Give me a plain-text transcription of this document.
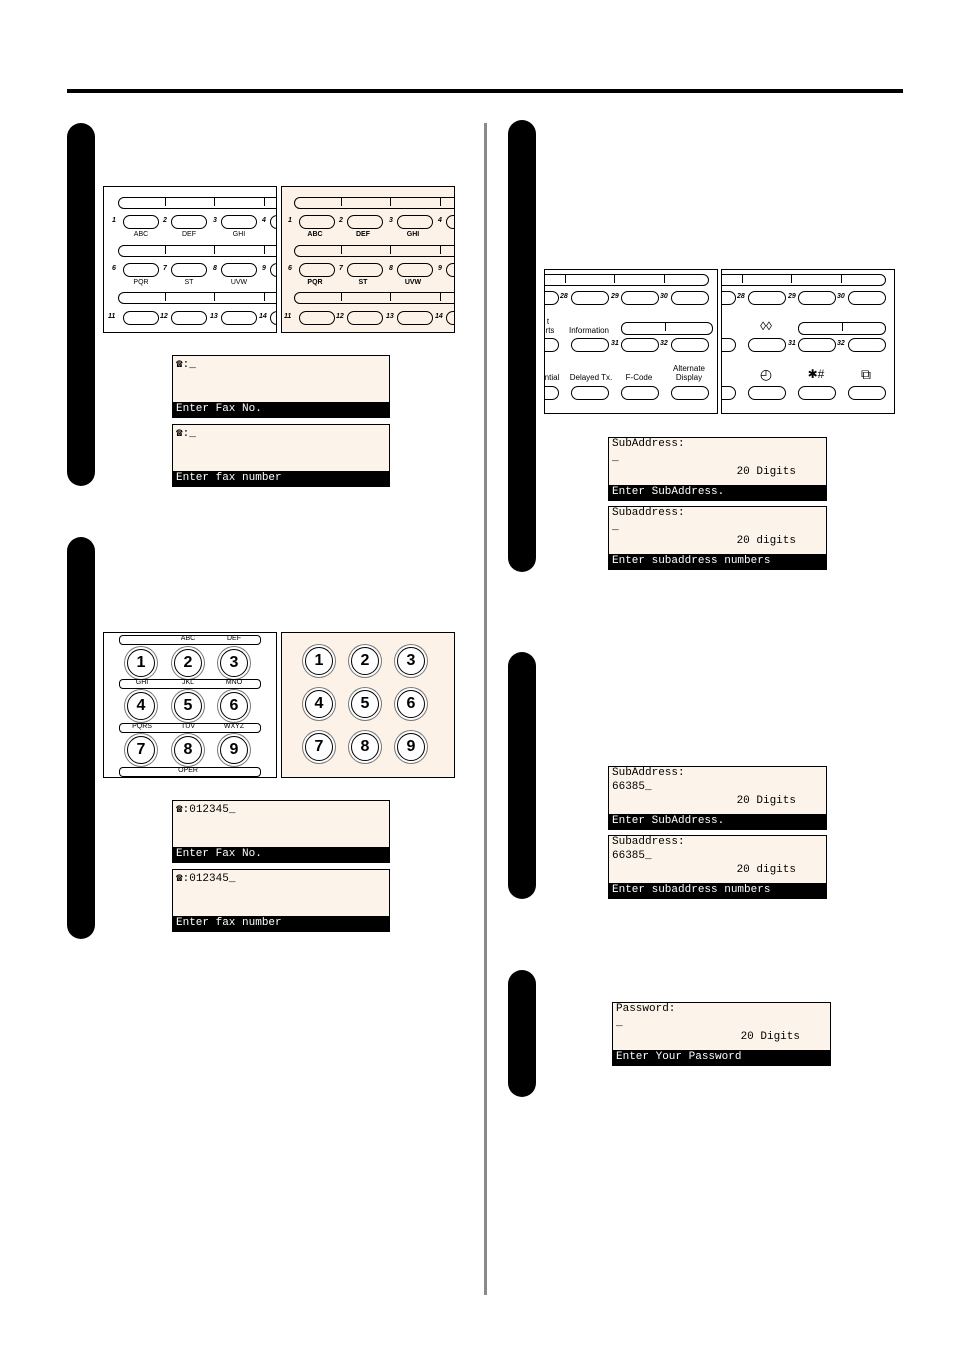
1	2	3	4
ABC	DEF	GHI
6	7	8	9
PQR	ST	UVW
11	12	13	14
1	2	3	4
ABC	DEF	GHI
6	7	8	9
PQR	ST	UVW
11	12	13	14
☎:_
Enter Fax No.
☎:_
Enter fax number
ABC	DEF
1	2	3
GHI	JKL	MNO
4	5	6
PQRS	TUV	WXYZ
7	8	9
OPER
1	2	3
4	5	6
7	8	9
☎:012345_
Enter Fax No.
☎:012345_
Enter fax number
28	29	30
t
rts	Information
31	32
ntial	Delayed Tx.	F-Code
Alternate
Display
28	29	30
◊◊
31	32
◴	✱#	⧉
SubAddress:
_
20 Digits
Enter SubAddress.
Subaddress:
_
20 digits
Enter subaddress numbers
SubAddress:
66385_
20 Digits
Enter SubAddress.
Subaddress:
66385_
20 digits
Enter subaddress numbers
Password:
_
20 Digits
Enter Your Password
